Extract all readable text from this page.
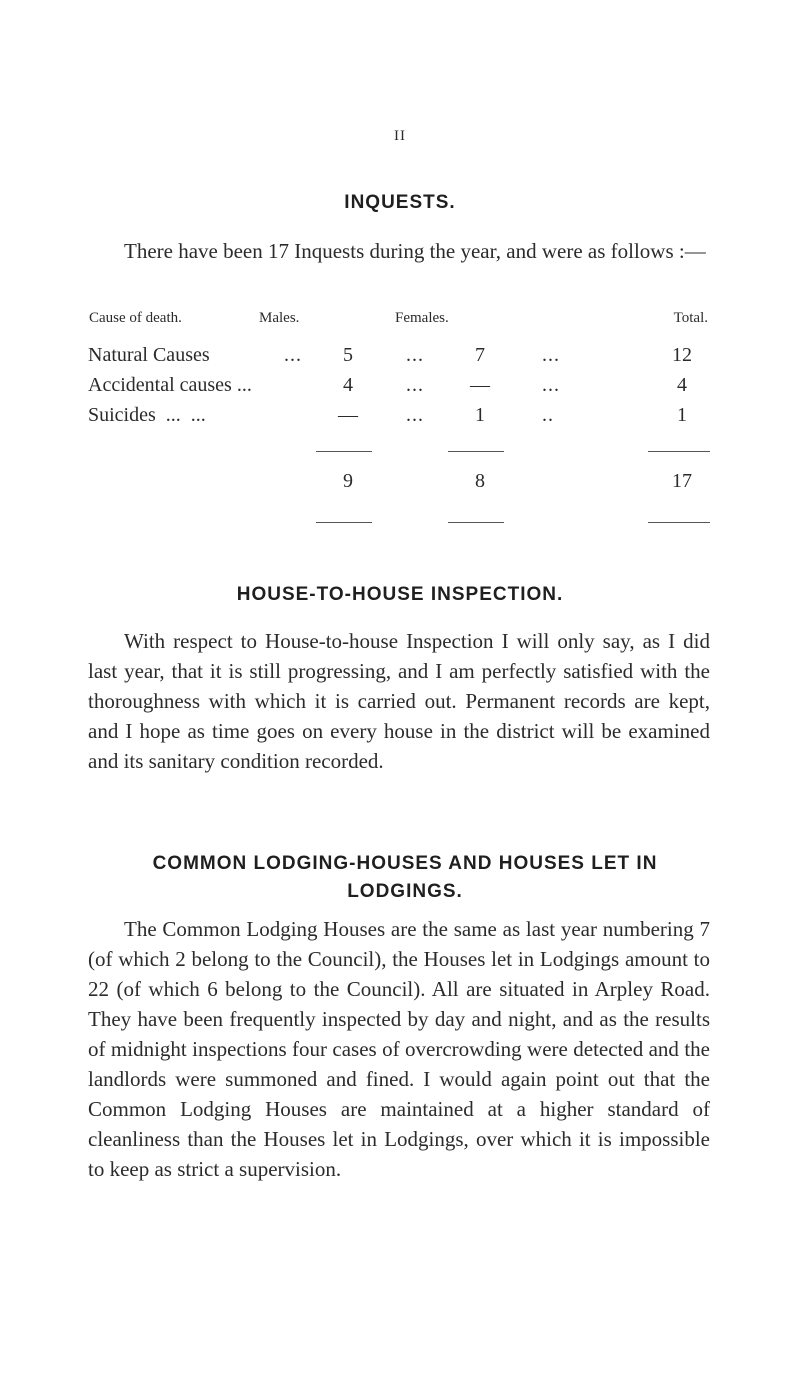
II
INQUESTS.
There have been 17 Inquests during the year, and were as follows :—
Cause of death.	Males.	Females.	Total.
Natural Causes	...	5	...	7	...	12
Accidental causes ...	4	...	—	...	4
Suicides  ...  ...	—	...	1	..	1
9	8	17
HOUSE-TO-HOUSE INSPECTION.
With respect to House-to-house Inspection I will only say, as I did last year, that it is still progressing, and I am perfectly satisfied with the thoroughness with which it is carried out. Permanent records are kept, and I hope as time goes on every house in the district will be examined and its sanitary condition recorded.
COMMON LODGING-HOUSES AND HOUSES LET IN LODGINGS.
The Common Lodging Houses are the same as last year numbering 7 (of which 2 belong to the Council), the Houses let in Lodgings amount to 22 (of which 6 belong to the Council). All are situated in Arpley Road. They have been frequently inspected by day and night, and as the results of midnight inspections four cases of overcrowding were detected and the landlords were summoned and fined. I would again point out that the Common Lodging Houses are maintained at a higher standard of cleanliness than the Houses let in Lodgings, over which it is impossible to keep as strict a supervision.
